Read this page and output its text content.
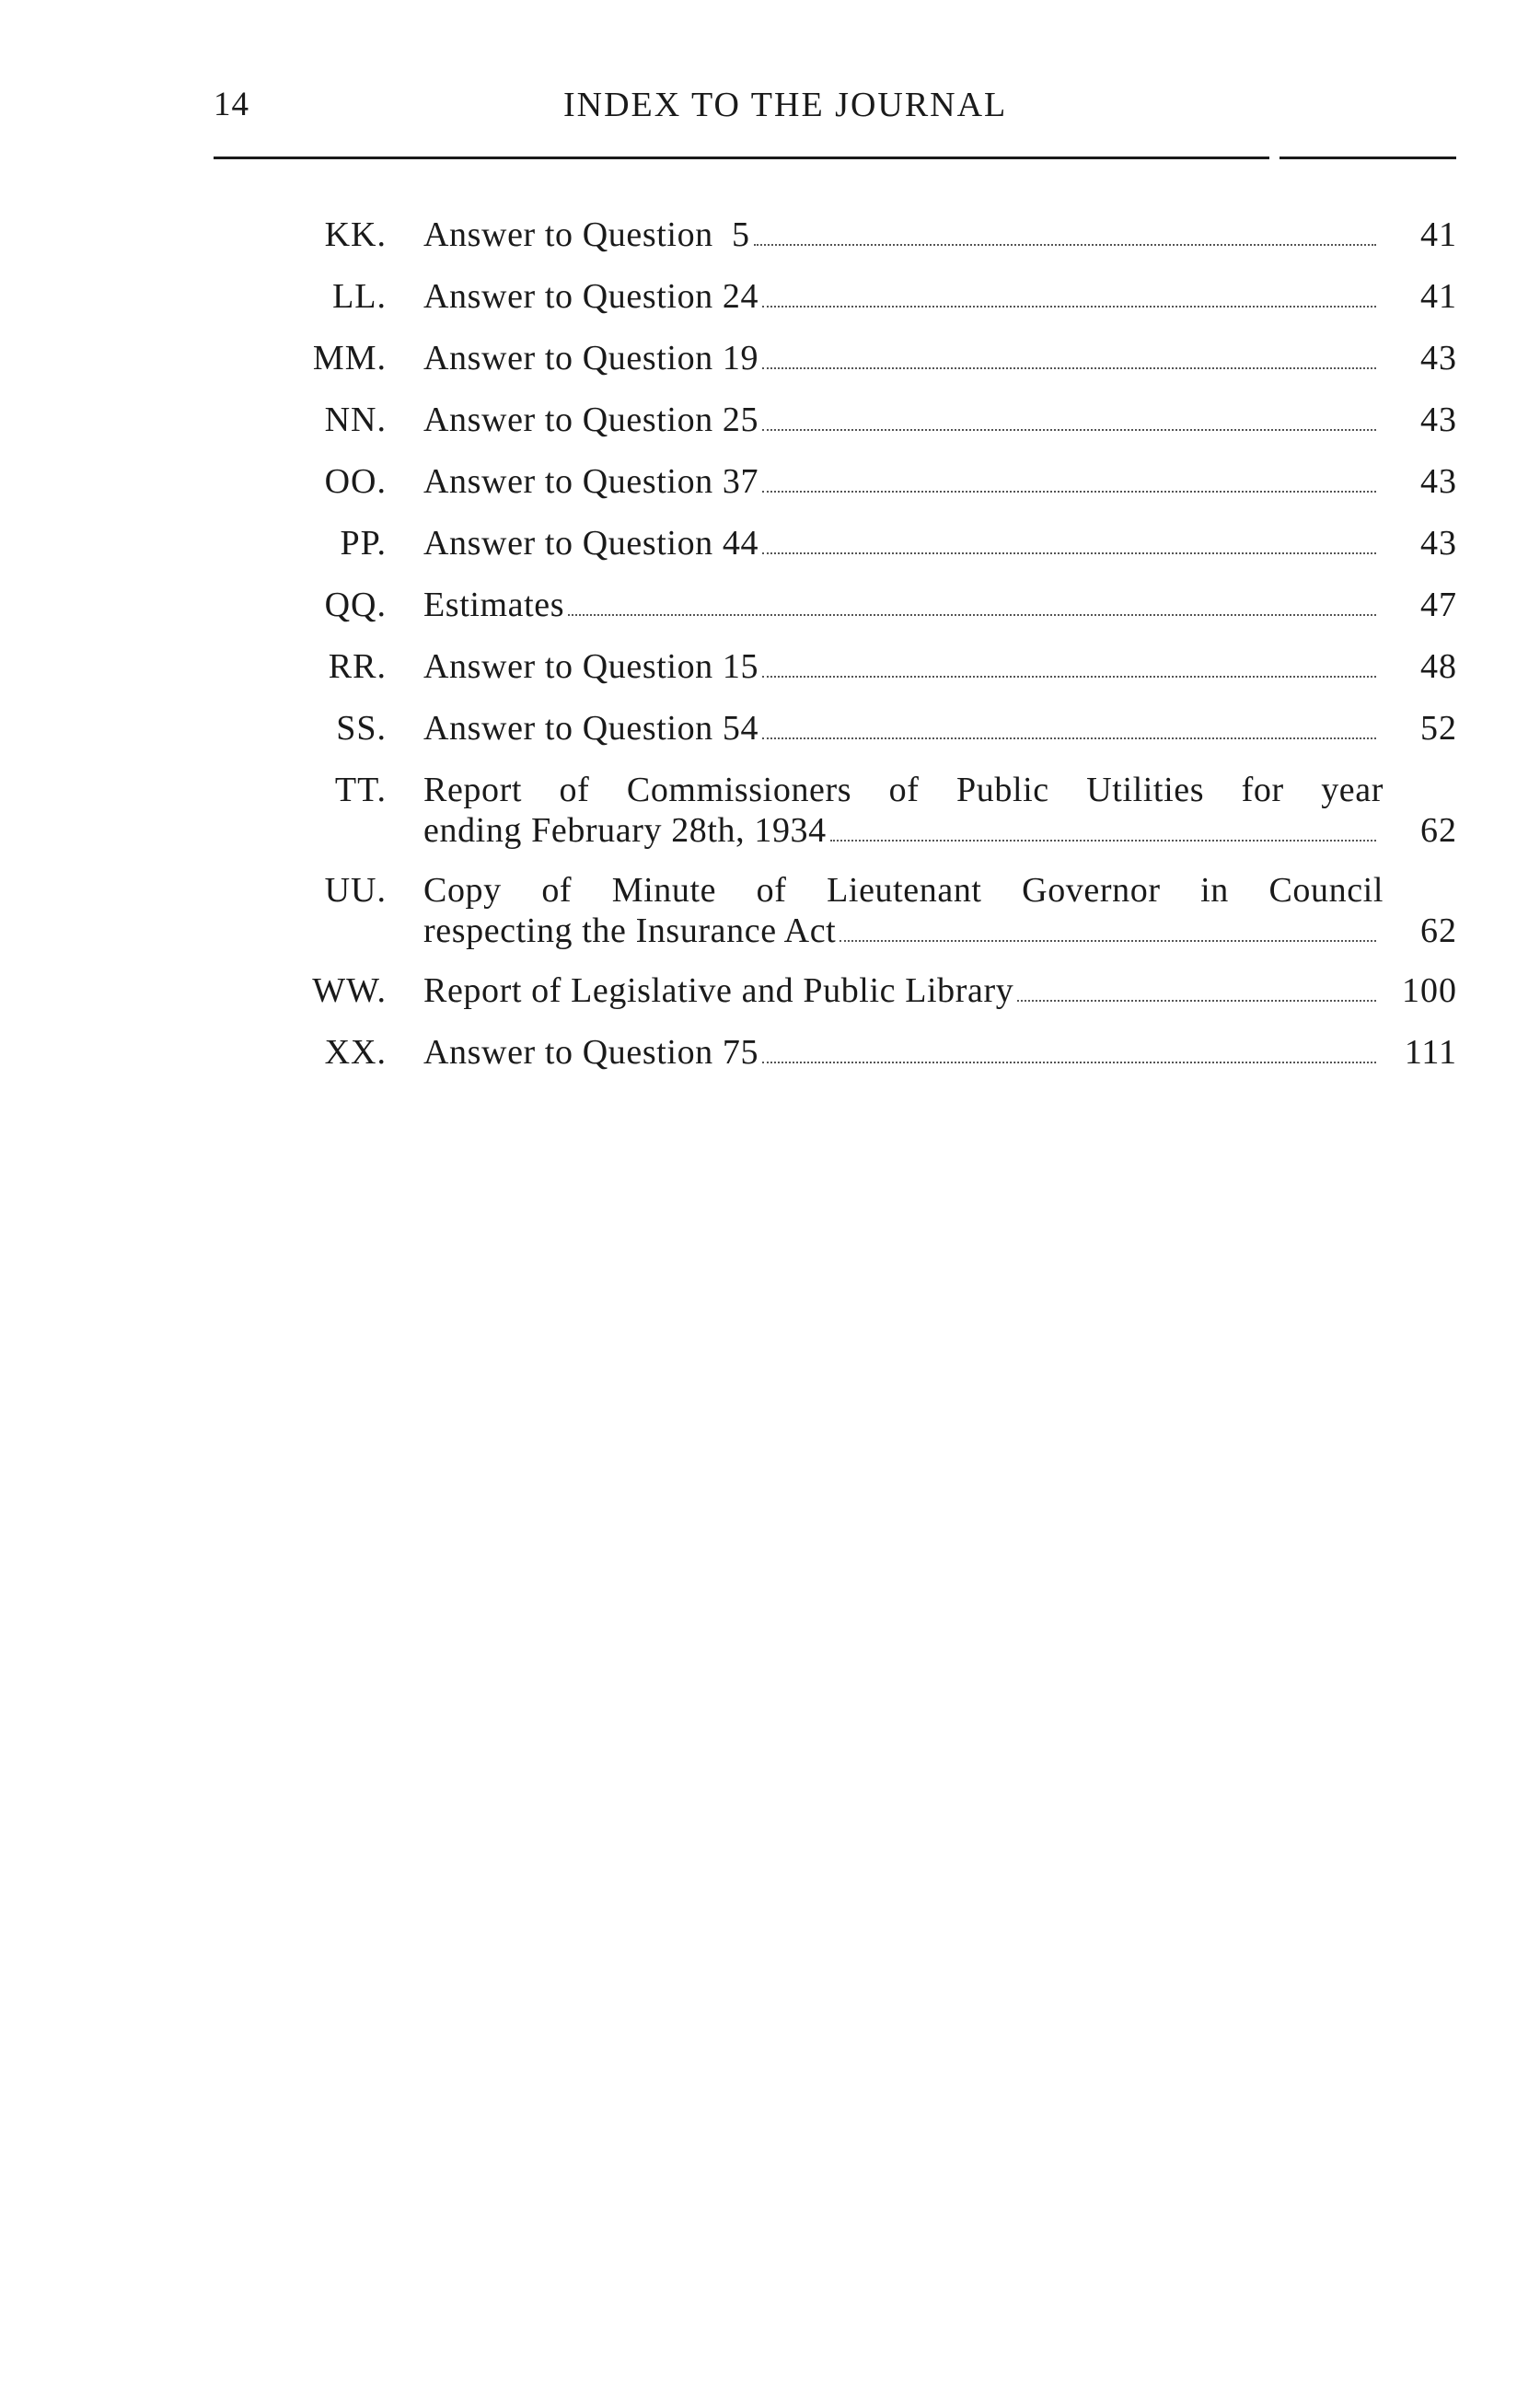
14	INDEX TO THE JOURNAL
KK. Answer to Question  5	41
LL. Answer to Question 24	41
MM. Answer to Question 19	43
NN. Answer to Question 25	43
OO. Answer to Question 37	43
PP. Answer to Question 44	43
QQ. Estimates	47
RR. Answer to Question 15	48
SS. Answer to Question 54	52
TT. Report of Commissioners of Public Utilities for year
ending February 28th, 1934	62
UU. Copy of Minute of Lieutenant Governor in Council
respecting the Insurance Act	62
WW. Report of Legislative and Public Library	100
XX. Answer to Question 75	111
